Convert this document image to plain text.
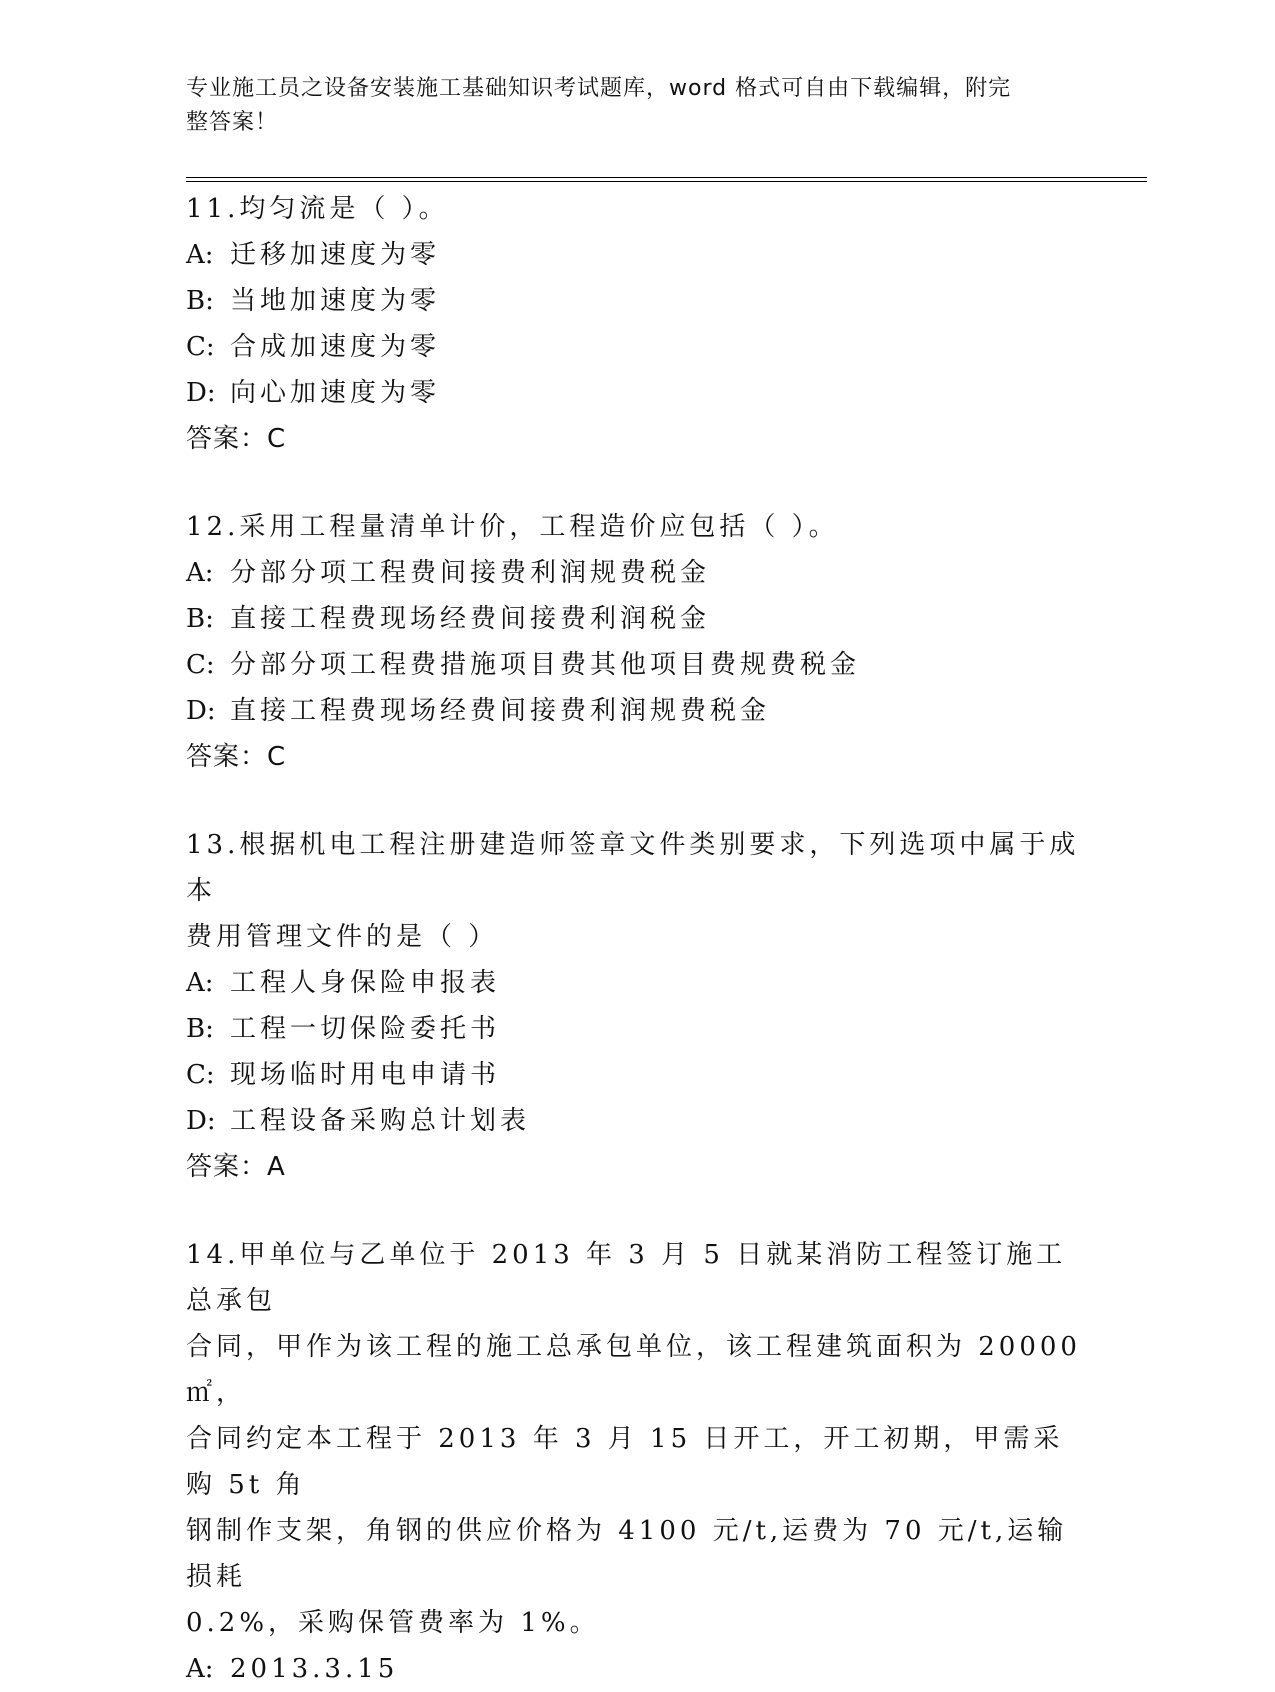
专业施工员之设备安装施工基础知识考试题库，word 格式可自由下载编辑，附完
整答案！
11.均匀流是（ ）。
A: 迁移加速度为零
B: 当地加速度为零
C: 合成加速度为零
D: 向心加速度为零
答案：C
12.采用工程量清单计价，工程造价应包括（ ）。
A: 分部分项工程费间接费利润规费税金
B: 直接工程费现场经费间接费利润税金
C: 分部分项工程费措施项目费其他项目费规费税金
D: 直接工程费现场经费间接费利润规费税金
答案：C
13.根据机电工程注册建造师签章文件类别要求，下列选项中属于成本
费用管理文件的是（ ）
A: 工程人身保险申报表
B: 工程一切保险委托书
C: 现场临时用电申请书
D: 工程设备采购总计划表
答案：A
14.甲单位与乙单位于 2013 年 3 月 5 日就某消防工程签订施工总承包
合同，甲作为该工程的施工总承包单位，该工程建筑面积为 20000㎡，
合同约定本工程于 2013 年 3 月 15 日开工，开工初期，甲需采购 5t 角
钢制作支架，角钢的供应价格为 4100 元/t,运费为 70 元/t,运输损耗
0.2%，采购保管费率为 1%。
A: 2013.3.15
